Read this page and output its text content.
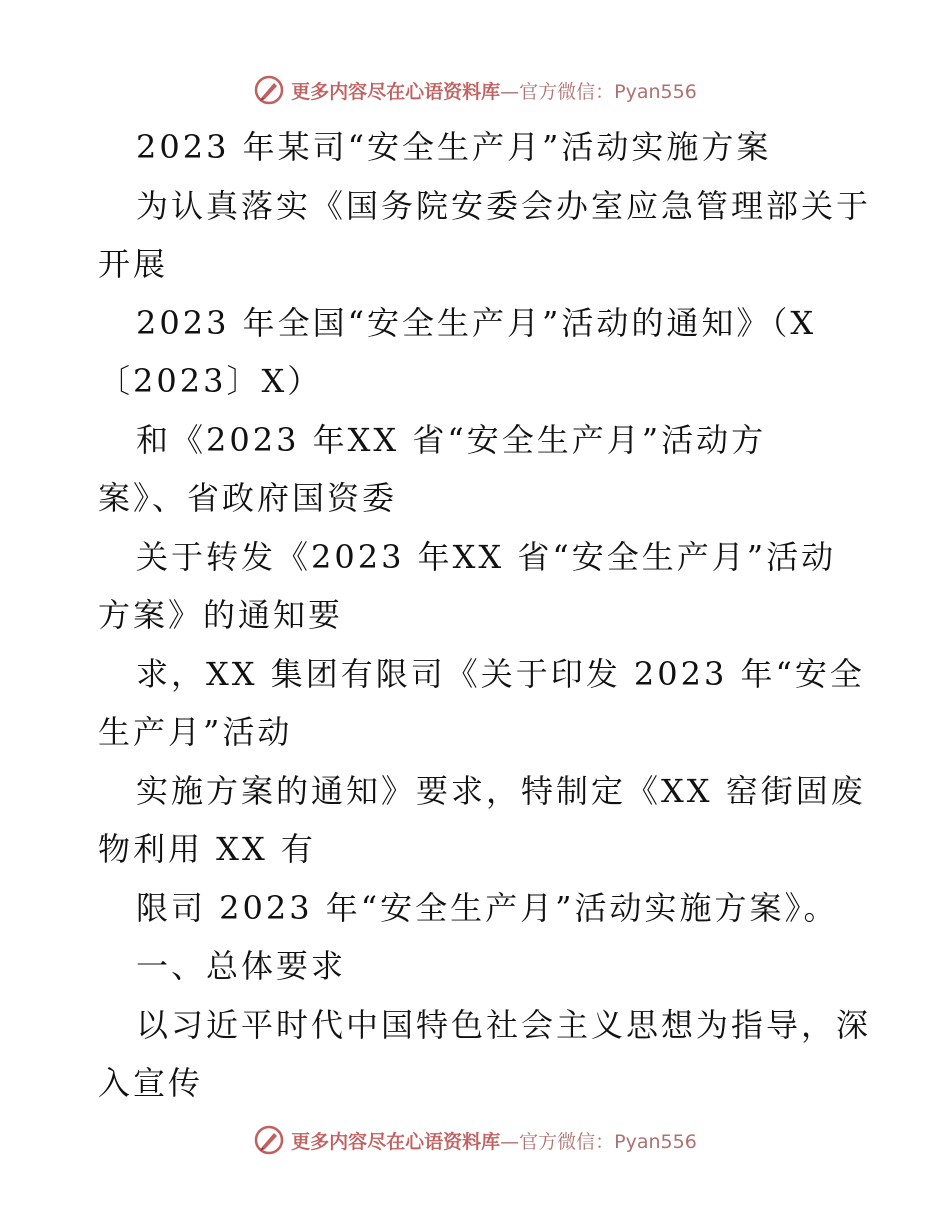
更多内容尽在心语资料库—官方微信：Pyan556
2023 年某司“安全生产月”活动实施方案
为认真落实《国务院安委会办室应急管理部关于
开展
2023 年全国“安全生产月”活动的通知》（X
〔2023〕X）
和《2023 年XX 省“安全生产月”活动方
案》、省政府国资委
关于转发《2023 年XX 省“安全生产月”活动
方案》的通知要
求，XX 集团有限司《关于印发 2023 年“安全
生产月”活动
实施方案的通知》要求，特制定《XX 窑街固废
物利用 XX 有
限司 2023 年“安全生产月”活动实施方案》。
一、总体要求
以习近平时代中国特色社会主义思想为指导，深
入宣传
更多内容尽在心语资料库—官方微信：Pyan556
